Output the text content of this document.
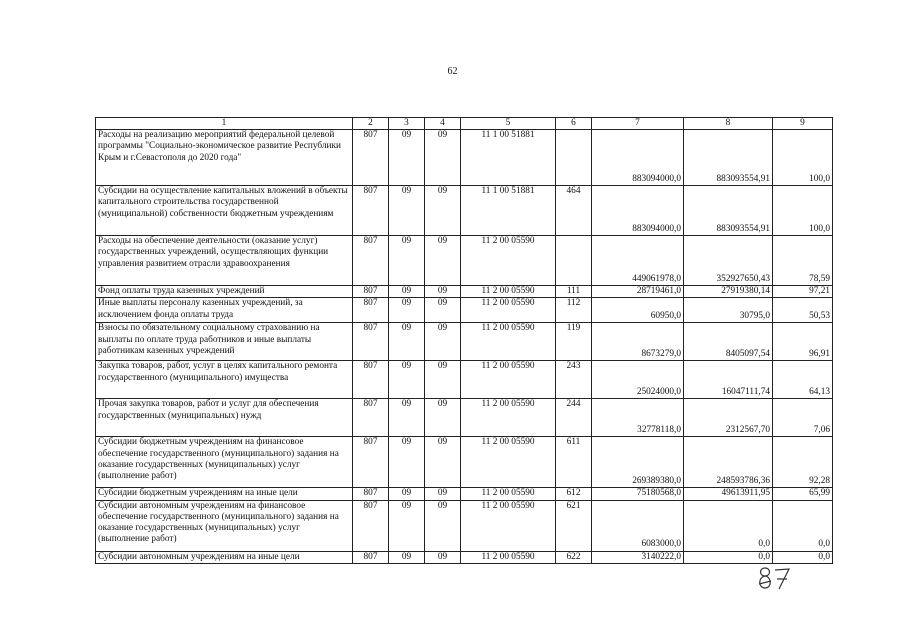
62
1	2	3	4	5	6	7	8	9
Расходы на реализацию мероприятий федеральной целевой программы "Социально-экономическое развитие Республики Крым и г.Севастополя до 2020 года"	807	09	09	11 1 00 51881		883094000,0	883093554,91	100,0
Субсидии на осуществление капитальных вложений в объекты капитального строительства государственной (муниципальной) собственности бюджетным учреждениям	807	09	09	11 1 00 51881	464	883094000,0	883093554,91	100,0
Расходы на обеспечение деятельности (оказание услуг) государственных учреждений, осуществляющих функции управления развитием отрасли здравоохранения	807	09	09	11 2 00 05590		449061978,0	352927650,43	78,59
Фонд оплаты труда казенных учреждений	807	09	09	11 2 00 05590	111	28719461,0	27919380,14	97,21
Иные выплаты персоналу казенных учреждений, за исключением фонда оплаты труда	807	09	09	11 2 00 05590	112	60950,0	30795,0	50,53
Взносы по обязательному социальному страхованию на выплаты по оплате труда работников и иные выплаты работникам казенных учреждений	807	09	09	11 2 00 05590	119	8673279,0	8405097,54	96,91
Закупка товаров, работ, услуг в целях капитального ремонта государственного (муниципального) имущества	807	09	09	11 2 00 05590	243	25024000,0	16047111,74	64,13
Прочая закупка товаров, работ и услуг для обеспечения государственных (муниципальных) нужд	807	09	09	11 2 00 05590	244	32778118,0	2312567,70	7,06
Субсидии бюджетным учреждениям на финансовое обеспечение государственного (муниципального) задания на оказание государственных (муниципальных) услуг (выполнение работ)	807	09	09	11 2 00 05590	611	269389380,0	248593786,36	92,28
Субсидии бюджетным учреждениям на иные цели	807	09	09	11 2 00 05590	612	75180568,0	49613911,95	65,99
Субсидии автономным учреждениям на финансовое обеспечение государственного (муниципального) задания на оказание государственных (муниципальных) услуг (выполнение работ)	807	09	09	11 2 00 05590	621	6083000,0	0,0	0,0
Субсидии автономным учреждениям на иные цели	807	09	09	11 2 00 05590	622	3140222,0	0,0	0,0
